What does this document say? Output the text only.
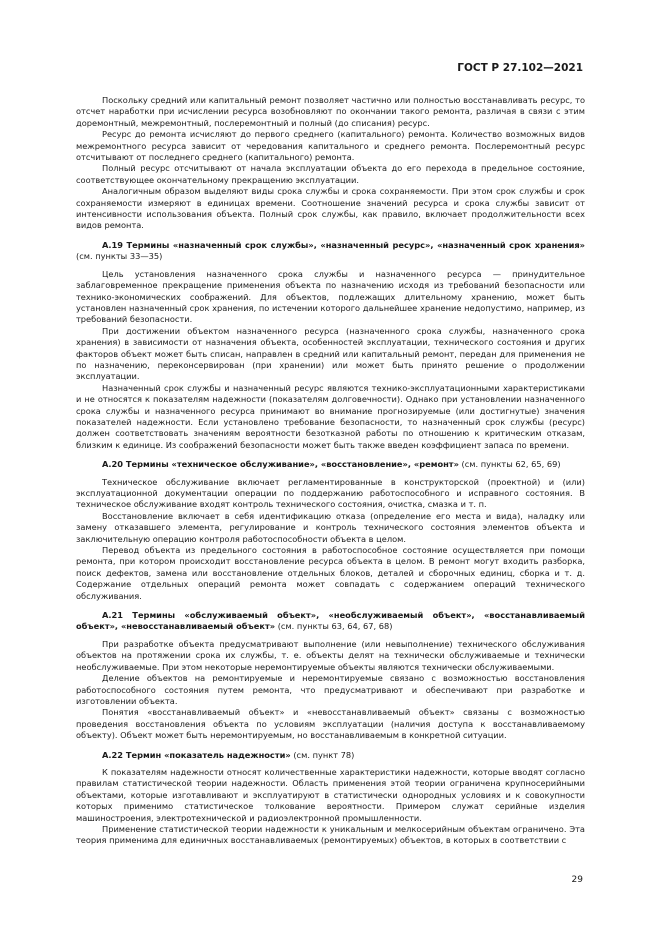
ГОСТ Р 27.102—2021

Поскольку средний или капитальный ремонт позволяет частично или полностью восстанавливать ресурс, то отсчет наработки при исчислении ресурса возобновляют по окончании такого ремонта, различая в связи с этим доремонтный, межремонтный, послеремонтный и полный (до списания) ресурс.

Ресурс до ремонта исчисляют до первого среднего (капитального) ремонта. Количество возможных видов межремонтного ресурса зависит от чередования капитального и среднего ремонта. Послеремонтный ресурс отсчитывают от последнего среднего (капитального) ремонта.

Полный ресурс отсчитывают от начала эксплуатации объекта до его перехода в предельное состояние, соответствующее окончательному прекращению эксплуатации.

Аналогичным образом выделяют виды срока службы и срока сохраняемости. При этом срок службы и срок сохраняемости измеряют в единицах времени. Соотношение значений ресурса и срока службы зависит от интенсивности использования объекта. Полный срок службы, как правило, включает продолжительности всех видов ремонта.

А.19 Термины «назначенный срок службы», «назначенный ресурс», «назначенный срок хранения» (см. пункты 33—35)

Цель установления назначенного срока службы и назначенного ресурса — принудительное заблаговременное прекращение применения объекта по назначению исходя из требований безопасности или технико-экономических соображений. Для объектов, подлежащих длительному хранению, может быть установлен назначенный срок хранения, по истечении которого дальнейшее хранение недопустимо, например, из требований безопасности.

При достижении объектом назначенного ресурса (назначенного срока службы, назначенного срока хранения) в зависимости от назначения объекта, особенностей эксплуатации, технического состояния и других факторов объект может быть списан, направлен в средний или капитальный ремонт, передан для применения не по назначению, переконсервирован (при хранении) или может быть принято решение о продолжении эксплуатации.

Назначенный срок службы и назначенный ресурс являются технико-эксплуатационными характеристиками и не относятся к показателям надежности (показателям долговечности). Однако при установлении назначенного срока службы и назначенного ресурса принимают во внимание прогнозируемые (или достигнутые) значения показателей надежности. Если установлено требование безопасности, то назначенный срок службы (ресурс) должен соответствовать значениям вероятности безотказной работы по отношению к критическим отказам, близким к единице. Из соображений безопасности может быть также введен коэффициент запаса по времени.

А.20 Термины «техническое обслуживание», «восстановление», «ремонт» (см. пункты 62, 65, 69)

Техническое обслуживание включает регламентированные в конструкторской (проектной) и (или) эксплуатационной документации операции по поддержанию работоспособного и исправного состояния. В техническое обслуживание входят контроль технического состояния, очистка, смазка и т. п.

Восстановление включает в себя идентификацию отказа (определение его места и вида), наладку или замену отказавшего элемента, регулирование и контроль технического состояния элементов объекта и заключительную операцию контроля работоспособности объекта в целом.

Перевод объекта из предельного состояния в работоспособное состояние осуществляется при помощи ремонта, при котором происходит восстановление ресурса объекта в целом. В ремонт могут входить разборка, поиск дефектов, замена или восстановление отдельных блоков, деталей и сборочных единиц, сборка и т. д. Содержание отдельных операций ремонта может совпадать с содержанием операций технического обслуживания.

А.21 Термины «обслуживаемый объект», «необслуживаемый объект», «восстанавливаемый объект», «невосстанавливаемый объект» (см. пункты 63, 64, 67, 68)

При разработке объекта предусматривают выполнение (или невыполнение) технического обслуживания объектов на протяжении срока их службы, т. е. объекты делят на технически обслуживаемые и технически необслуживаемые. При этом некоторые неремонтируемые объекты являются технически обслуживаемыми.

Деление объектов на ремонтируемые и неремонтируемые связано с возможностью восстановления работоспособного состояния путем ремонта, что предусматривают и обеспечивают при разработке и изготовлении объекта.

Понятия «восстанавливаемый объект» и «невосстанавливаемый объект» связаны с возможностью проведения восстановления объекта по условиям эксплуатации (наличия доступа к восстанавливаемому объекту). Объект может быть неремонтируемым, но восстанавливаемым в конкретной ситуации.

А.22 Термин «показатель надежности» (см. пункт 78)

К показателям надежности относят количественные характеристики надежности, которые вводят согласно правилам статистической теории надежности. Область применения этой теории ограничена крупносерийными объектами, которые изготавливают и эксплуатируют в статистически однородных условиях и к совокупности которых применимо статистическое толкование вероятности. Примером служат серийные изделия машиностроения, электротехнической и радиоэлектронной промышленности.

Применение статистической теории надежности к уникальным и мелкосерийным объектам ограничено. Эта теория применима для единичных восстанавливаемых (ремонтируемых) объектов, в которых в соответствии с

29
